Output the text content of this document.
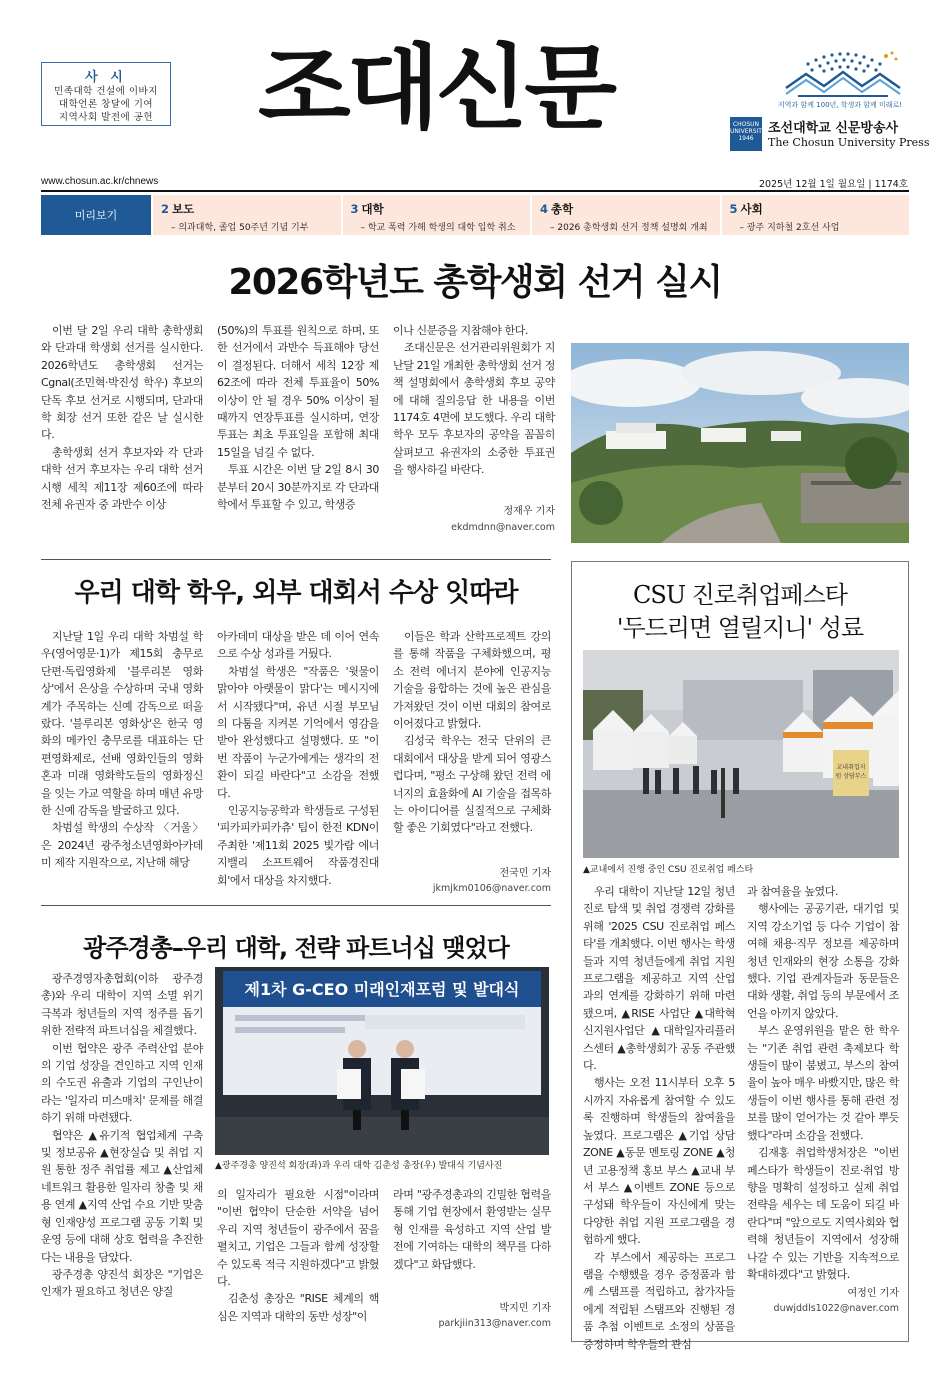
사 시
민족대학 건설에 이바지
대학언론 창달에 기여
지역사회 발전에 공헌 조대신문	지역과 함께 100년, 학생과 함께 미래로!
CHOSUN UNIVERSITY 1946
조선대학교 신문방송사
The Chosun University Press
www.chosun.ac.kr/chnews	2025년 12월 1일 월요일 | 1174호
미리보기	2 보도
– 의과대학, 졸업 50주년 기념 기부
3 대학
– 학교 폭력 가해 학생의 대학 입학 취소
4 총학
– 2026 총학생회 선거 정책 설명회 개최
5 사회
– 광주 지하철 2호선 사업
2026학년도 총학생회 선거 실시

이번 달 2일 우리 대학 총학생회와 단과대 학생회 선거를 실시한다. 2026학년도 총학생회 선거는 Cgnal(조민혁·박진성 학우) 후보의 단독 후보 선거로 시행되며, 단과대학 회장 선거 또한 같은 날 실시한다.

총학생회 선거 후보자와 각 단과대학 선거 후보자는 우리 대학 선거 시행 세칙 제11장 제60조에 따라 전체 유권자 중 과반수 이상

(50%)의 투표를 원칙으로 하며, 또한 선거에서 과반수 득표해야 당선이 결정된다. 더해서 세칙 12장 제 62조에 따라 전체 투표율이 50% 이상이 안 될 경우 50% 이상이 될 때까지 연장투표를 실시하며, 연장투표는 최초 투표일을 포함해 최대 15일을 넘길 수 없다.

투표 시간은 이번 달 2일 8시 30분부터 20시 30분까지로 각 단과대학에서 투표할 수 있고, 학생증

이나 신분증을 지참해야 한다.

조대신문은 선거관리위원회가 지난달 21일 개최한 총학생회 선거 정책 설명회에서 총학생회 후보 공약에 대해 질의응답 한 내용을 이번 1174호 4면에 보도했다. 우리 대학 학우 모두 후보자의 공약을 꼼꼼히 살펴보고 유권자의 소중한 투표권을 행사하길 바란다.

정재우 기자
ekdmdnn@naver.com
우리 대학 학우, 외부 대회서 수상 잇따라

지난달 1일 우리 대학 차범설 학우(영어영문·1)가 제15회 충무로 단편·독립영화제 '블루리본 영화상'에서 은상을 수상하며 국내 영화계가 주목하는 신예 감독으로 떠올랐다. '블루리본 영화상'은 한국 영화의 메카인 충무로를 대표하는 단편영화제로, 선배 영화인들의 영화혼과 미래 영화학도들의 영화정신을 잇는 가교 역할을 하며 매년 유망한 신예 감독을 발굴하고 있다.

차범설 학생의 수상작 〈거울〉은 2024년 광주청소년영화아카데미 제작 지원작으로, 지난해 해당

아카데미 대상을 받은 데 이어 연속으로 수상 성과를 거뒀다.

차범설 학생은 "작품은 '윗물이 맑아야 아랫물이 맑다'는 메시지에서 시작됐다"며, 유년 시절 부모님의 다툼을 지켜본 기억에서 영감을 받아 완성했다고 설명했다. 또 "이번 작품이 누군가에게는 생각의 전환이 되길 바란다"고 소감을 전했다.

인공지능공학과 학생들로 구성된 '피카피카피카츄' 팀이 한전 KDN이 주최한 '제11회 2025 빛가람 에너지밸리 소프트웨어 작품경진대회'에서 대상을 차지했다.

이들은 학과 산학프로젝트 강의를 통해 작품을 구체화했으며, 평소 전력 에너지 분야에 인공지능 기술을 융합하는 것에 높은 관심을 가져왔던 것이 이번 대회의 참여로 이어졌다고 밝혔다.

김성국 학우는 전국 단위의 큰 대회에서 대상을 받게 되어 영광스럽다며, "평소 구상해 왔던 전력 에너지의 효율화에 AI 기술을 접목하는 아이디어를 실질적으로 구체화할 좋은 기회였다"라고 전했다.

전국민 기자
jkmjkm0106@naver.com
광주경총–우리 대학, 전략 파트너십 맺었다

광주경영자총협회(이하 광주경총)와 우리 대학이 지역 소멸 위기 극복과 청년들의 지역 정주를 돕기 위한 전략적 파트너십을 체결했다.

이번 협약은 광주 주력산업 분야의 기업 성장을 견인하고 지역 인재의 수도권 유출과 기업의 구인난이라는 '일자리 미스매치' 문제를 해결하기 위해 마련됐다.

협약은 ▲유기적 협업체계 구축 및 정보공유 ▲현장실습 및 취업 지원 통한 정주 취업률 제고 ▲산업체 네트워크 활용한 일자리 창출 및 채용 연계 ▲지역 산업 수요 기반 맞춤형 인재양성 프로그램 공동 기획 및 운영 등에 대해 상호 협력을 추진한다는 내용을 담았다.

광주경총 양진석 회장은 "기업은 인재가 필요하고 청년은 양질

제1차 G-CEO 미래인재포럼 및 발대식
▲광주경총 양진석 회장(좌)과 우리 대학 김춘성 총장(우) 발대식 기념사진

의 일자리가 필요한 시점"이라며 "이번 협약이 단순한 서약을 넘어 우리 지역 청년들이 광주에서 꿈을 펼치고, 기업은 그들과 함께 성장할 수 있도록 적극 지원하겠다"고 밝혔다.

김춘성 총장은 "RISE 체계의 핵심은 지역과 대학의 동반 성장"이

라며 "광주경총과의 긴밀한 협력을 통해 기업 현장에서 환영받는 실무형 인재를 육성하고 지역 산업 발전에 기여하는 대학의 책무를 다하겠다"고 화답했다.

박지민 기자
parkjiin313@naver.com
CSU 진로취업페스타
'두드리면 열릴지니' 성료
교내취업지원 상담부스
▲교내에서 진행 중인 CSU 진로취업 페스타

우리 대학이 지난달 12일 청년 진로 탐색 및 취업 경쟁력 강화를 위해 '2025 CSU 진로취업 페스타'를 개최했다. 이번 행사는 학생들과 지역 청년들에게 취업 지원 프로그램을 제공하고 지역 산업과의 연계를 강화하기 위해 마련됐으며, ▲RISE 사업단 ▲대학혁신지원사업단 ▲대학일자리플러스센터 ▲총학생회가 공동 주관했다.

행사는 오전 11시부터 오후 5시까지 자유롭게 참여할 수 있도록 진행하며 학생들의 참여율을 높였다. 프로그램은 ▲기업 상담 ZONE ▲동문 멘토링 ZONE ▲청년 고용정책 홍보 부스 ▲교내 부서 부스 ▲이벤트 ZONE 등으로 구성돼 학우들이 자신에게 맞는 다양한 취업 지원 프로그램을 경험하게 했다.

각 부스에서 제공하는 프로그램을 수행했을 경우 증정품과 함께 스탬프를 적립하고, 참가자들에게 적립된 스탬프와 진행된 경품 추첨 이벤트로 소정의 상품을 증정하며 학우들의 관심

과 참여율을 높였다.

행사에는 공공기관, 대기업 및 지역 강소기업 등 다수 기업이 참여해 채용·직무 정보를 제공하며 청년 인재와의 현장 소통을 강화했다. 기업 관계자들과 동문들은 대화 생활, 취업 등의 부문에서 조언을 아끼지 않았다.

부스 운영위원을 맡은 한 학우는 "기존 취업 관련 축제보다 학생들이 많이 붐볐고, 부스의 참여율이 높아 매우 바빴지만, 많은 학생들이 이번 행사를 통해 관련 정보를 많이 얻어가는 것 같아 뿌듯했다"라며 소감을 전했다.

김재홍 취업학생처장은 "이번 페스타가 학생들이 진로·취업 방향을 명확히 설정하고 실제 취업 전략을 세우는 데 도움이 되길 바란다"며 "앞으로도 지역사회와 협력해 청년들이 지역에서 성장해 나갈 수 있는 기반을 지속적으로 확대하겠다"고 밝혔다.

여정인 기자
duwjddls1022@naver.com
